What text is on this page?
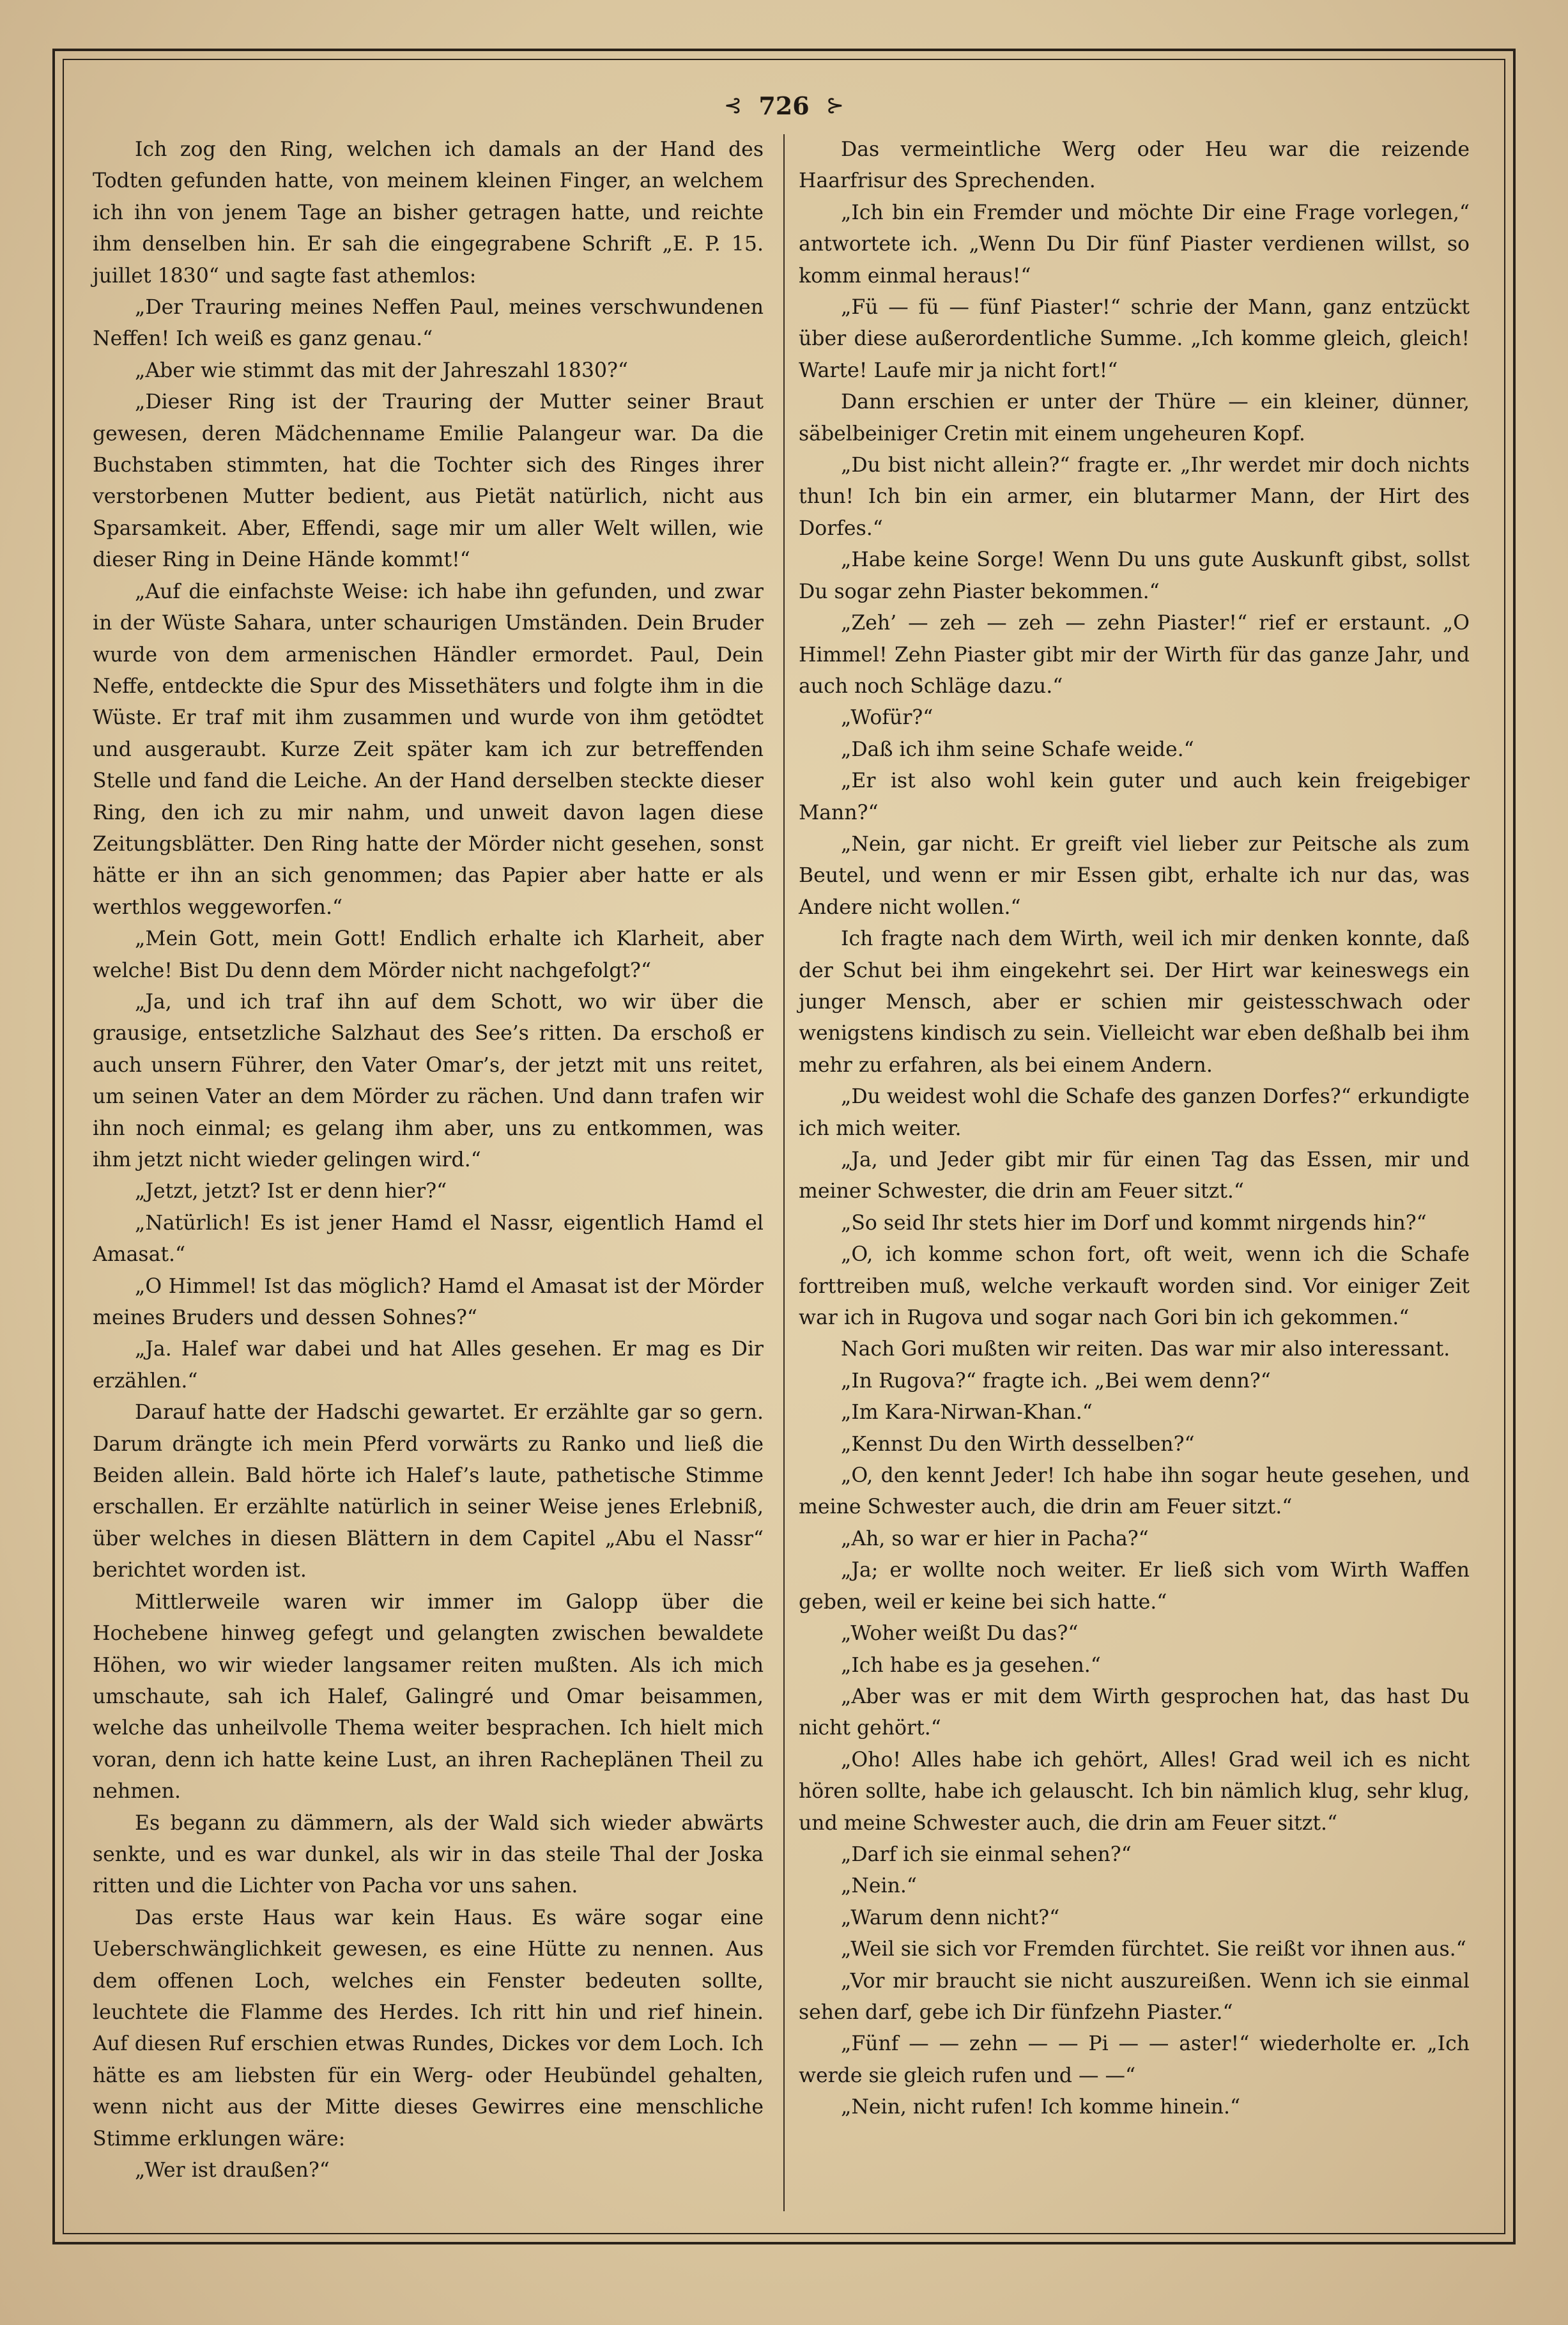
⊰ 726 ⊱

Ich zog den Ring, welchen ich damals an der Hand des Todten gefunden hatte, von meinem kleinen Finger, an welchem ich ihn von jenem Tage an bisher getragen hatte, und reichte ihm denselben hin. Er sah die eingegrabene Schrift „E. P. 15. juillet 1830“ und sagte fast athemlos:

„Der Trauring meines Neffen Paul, meines verschwundenen Neffen! Ich weiß es ganz genau.“

„Aber wie stimmt das mit der Jahreszahl 1830?“

„Dieser Ring ist der Trauring der Mutter seiner Braut gewesen, deren Mädchenname Emilie Palangeur war. Da die Buchstaben stimmten, hat die Tochter sich des Ringes ihrer verstorbenen Mutter bedient, aus Pietät natürlich, nicht aus Sparsamkeit. Aber, Effendi, sage mir um aller Welt willen, wie dieser Ring in Deine Hände kommt!“

„Auf die einfachste Weise: ich habe ihn gefunden, und zwar in der Wüste Sahara, unter schaurigen Umständen. Dein Bruder wurde von dem armenischen Händler ermordet. Paul, Dein Neffe, entdeckte die Spur des Missethäters und folgte ihm in die Wüste. Er traf mit ihm zusammen und wurde von ihm getödtet und ausgeraubt. Kurze Zeit später kam ich zur betreffenden Stelle und fand die Leiche. An der Hand derselben steckte dieser Ring, den ich zu mir nahm, und unweit davon lagen diese Zeitungsblätter. Den Ring hatte der Mörder nicht gesehen, sonst hätte er ihn an sich genommen; das Papier aber hatte er als werthlos weggeworfen.“

„Mein Gott, mein Gott! Endlich erhalte ich Klarheit, aber welche! Bist Du denn dem Mörder nicht nachgefolgt?“

„Ja, und ich traf ihn auf dem Schott, wo wir über die grausige, entsetzliche Salzhaut des See’s ritten. Da erschoß er auch unsern Führer, den Vater Omar’s, der jetzt mit uns reitet, um seinen Vater an dem Mörder zu rächen. Und dann trafen wir ihn noch einmal; es gelang ihm aber, uns zu entkommen, was ihm jetzt nicht wieder gelingen wird.“

„Jetzt, jetzt? Ist er denn hier?“

„Natürlich! Es ist jener Hamd el Nassr, eigentlich Hamd el Amasat.“

„O Himmel! Ist das möglich? Hamd el Amasat ist der Mörder meines Bruders und dessen Sohnes?“

„Ja. Halef war dabei und hat Alles gesehen. Er mag es Dir erzählen.“

Darauf hatte der Hadschi gewartet. Er erzählte gar so gern. Darum drängte ich mein Pferd vorwärts zu Ranko und ließ die Beiden allein. Bald hörte ich Halef’s laute, pathetische Stimme erschallen. Er erzählte natürlich in seiner Weise jenes Erlebniß, über welches in diesen Blättern in dem Capitel „Abu el Nassr“ berichtet worden ist.

Mittlerweile waren wir immer im Galopp über die Hochebene hinweg gefegt und gelangten zwischen bewaldete Höhen, wo wir wieder langsamer reiten mußten. Als ich mich umschaute, sah ich Halef, Galingré und Omar beisammen, welche das unheilvolle Thema weiter besprachen. Ich hielt mich voran, denn ich hatte keine Lust, an ihren Racheplänen Theil zu nehmen.

Es begann zu dämmern, als der Wald sich wieder abwärts senkte, und es war dunkel, als wir in das steile Thal der Joska ritten und die Lichter von Pacha vor uns sahen.

Das erste Haus war kein Haus. Es wäre sogar eine Ueberschwänglichkeit gewesen, es eine Hütte zu nennen. Aus dem offenen Loch, welches ein Fenster bedeuten sollte, leuchtete die Flamme des Herdes. Ich ritt hin und rief hinein. Auf diesen Ruf erschien etwas Rundes, Dickes vor dem Loch. Ich hätte es am liebsten für ein Werg- oder Heubündel gehalten, wenn nicht aus der Mitte dieses Gewirres eine menschliche Stimme erklungen wäre:

„Wer ist draußen?“

Das vermeintliche Werg oder Heu war die reizende Haarfrisur des Sprechenden.

„Ich bin ein Fremder und möchte Dir eine Frage vorlegen,“ antwortete ich. „Wenn Du Dir fünf Piaster verdienen willst, so komm einmal heraus!“

„Fü — fü — fünf Piaster!“ schrie der Mann, ganz entzückt über diese außerordentliche Summe. „Ich komme gleich, gleich! Warte! Laufe mir ja nicht fort!“

Dann erschien er unter der Thüre — ein kleiner, dünner, säbelbeiniger Cretin mit einem ungeheuren Kopf.

„Du bist nicht allein?“ fragte er. „Ihr werdet mir doch nichts thun! Ich bin ein armer, ein blutarmer Mann, der Hirt des Dorfes.“

„Habe keine Sorge! Wenn Du uns gute Auskunft gibst, sollst Du sogar zehn Piaster bekommen.“

„Zeh’ — zeh — zeh — zehn Piaster!“ rief er erstaunt. „O Himmel! Zehn Piaster gibt mir der Wirth für das ganze Jahr, und auch noch Schläge dazu.“

„Wofür?“

„Daß ich ihm seine Schafe weide.“

„Er ist also wohl kein guter und auch kein freigebiger Mann?“

„Nein, gar nicht. Er greift viel lieber zur Peitsche als zum Beutel, und wenn er mir Essen gibt, erhalte ich nur das, was Andere nicht wollen.“

Ich fragte nach dem Wirth, weil ich mir denken konnte, daß der Schut bei ihm eingekehrt sei. Der Hirt war keineswegs ein junger Mensch, aber er schien mir geistesschwach oder wenigstens kindisch zu sein. Vielleicht war eben deßhalb bei ihm mehr zu erfahren, als bei einem Andern.

„Du weidest wohl die Schafe des ganzen Dorfes?“ erkundigte ich mich weiter.

„Ja, und Jeder gibt mir für einen Tag das Essen, mir und meiner Schwester, die drin am Feuer sitzt.“

„So seid Ihr stets hier im Dorf und kommt nirgends hin?“

„O, ich komme schon fort, oft weit, wenn ich die Schafe forttreiben muß, welche verkauft worden sind. Vor einiger Zeit war ich in Rugova und sogar nach Gori bin ich gekommen.“

Nach Gori mußten wir reiten. Das war mir also interessant.

„In Rugova?“ fragte ich. „Bei wem denn?“

„Im Kara-Nirwan-Khan.“

„Kennst Du den Wirth desselben?“

„O, den kennt Jeder! Ich habe ihn sogar heute gesehen, und meine Schwester auch, die drin am Feuer sitzt.“

„Ah, so war er hier in Pacha?“

„Ja; er wollte noch weiter. Er ließ sich vom Wirth Waffen geben, weil er keine bei sich hatte.“

„Woher weißt Du das?“

„Ich habe es ja gesehen.“

„Aber was er mit dem Wirth gesprochen hat, das hast Du nicht gehört.“

„Oho! Alles habe ich gehört, Alles! Grad weil ich es nicht hören sollte, habe ich gelauscht. Ich bin nämlich klug, sehr klug, und meine Schwester auch, die drin am Feuer sitzt.“

„Darf ich sie einmal sehen?“

„Nein.“

„Warum denn nicht?“

„Weil sie sich vor Fremden fürchtet. Sie reißt vor ihnen aus.“

„Vor mir braucht sie nicht auszureißen. Wenn ich sie einmal sehen darf, gebe ich Dir fünfzehn Piaster.“

„Fünf — — zehn — — Pi — — aster!“ wiederholte er. „Ich werde sie gleich rufen und — —“

„Nein, nicht rufen! Ich komme hinein.“
